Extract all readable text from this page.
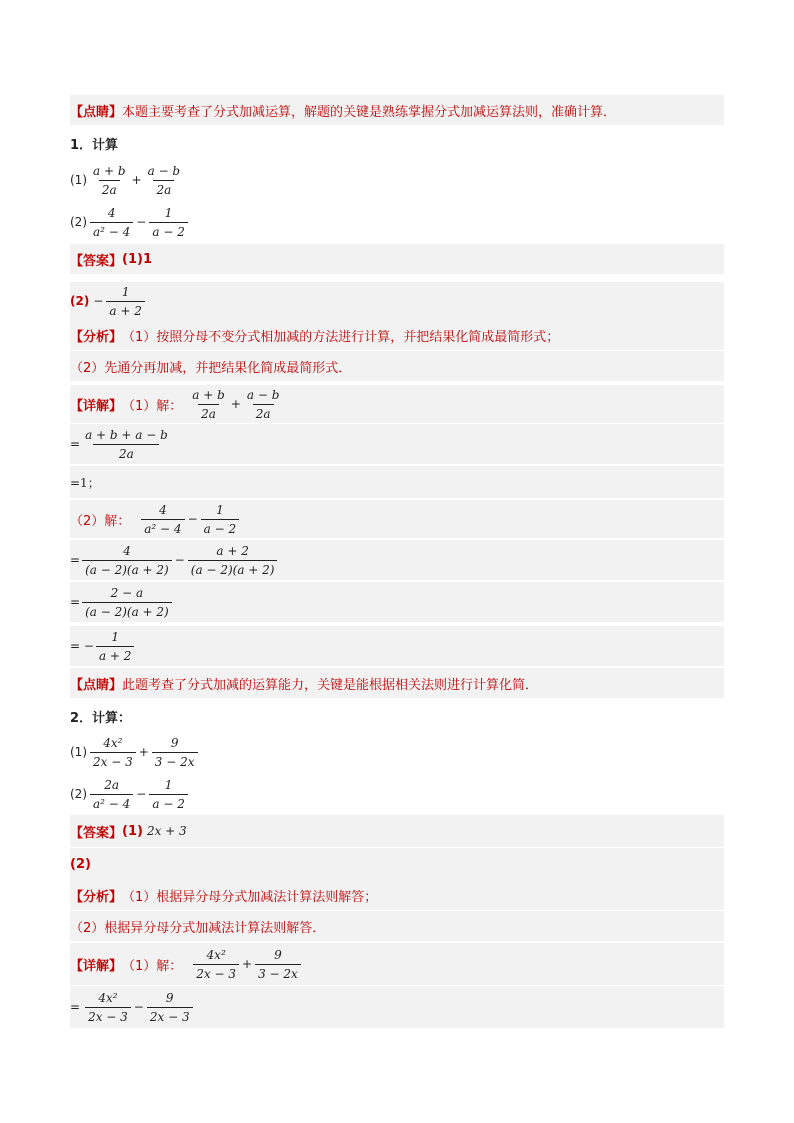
【点睛】 本题主要考查了分式加减运算，解题的关键是熟练掌握分式加减运算法则，准确计算．
1．计算
$(1) \frac{a + b}{2a} + \frac{a - b}{2a}$
$(2) \frac{4}{\text{a² − 4}} - \frac{1}{a - 2}$
【答案】 (1)1
$(2) - \frac{1}{a + 2}$
【分析】 （1）按照分母不变分式相加减的方法进行计算，并把结果化简成最简形式；
（2）先通分再加减，并把结果化简成最简形式．
【详解】 （1）解： $\frac{a + b}{2a} + \frac{a - b}{2a}$
= $\frac{a + b + a - b}{2a}$
=1；
（2）解： $\frac{4}{\text{a² − 4}} - \frac{1}{a - 2}$
= $\frac{4}{(a - 2)(a + 2)} - \frac{a + 2}{(a - 2)(a + 2)}$
= $\frac{2 - a}{(a - 2)(a + 2)}$
= − $\frac{1}{a + 2}$
【点睛】 此题考查了分式加减的运算能力，关键是能根据相关法则进行计算化简．
2．计算：
$(1) \frac{\text{4x²}}{2x - 3} + \frac{9}{3 - 2x}$
$(2) \frac{2a}{\text{a² − 4}} - \frac{1}{a - 2}$
【答案】 (1) 2x + 3
(2)
【分析】 （1）根据异分母分式加减法计算法则解答；
（2）根据异分母分式加减法计算法则解答．
【详解】 （1）解： $\frac{\text{4x²}}{2x - 3} + \frac{9}{3 - 2x}$
= $\frac{\text{4x²}}{2x - 3} - \frac{9}{2x - 3}$
